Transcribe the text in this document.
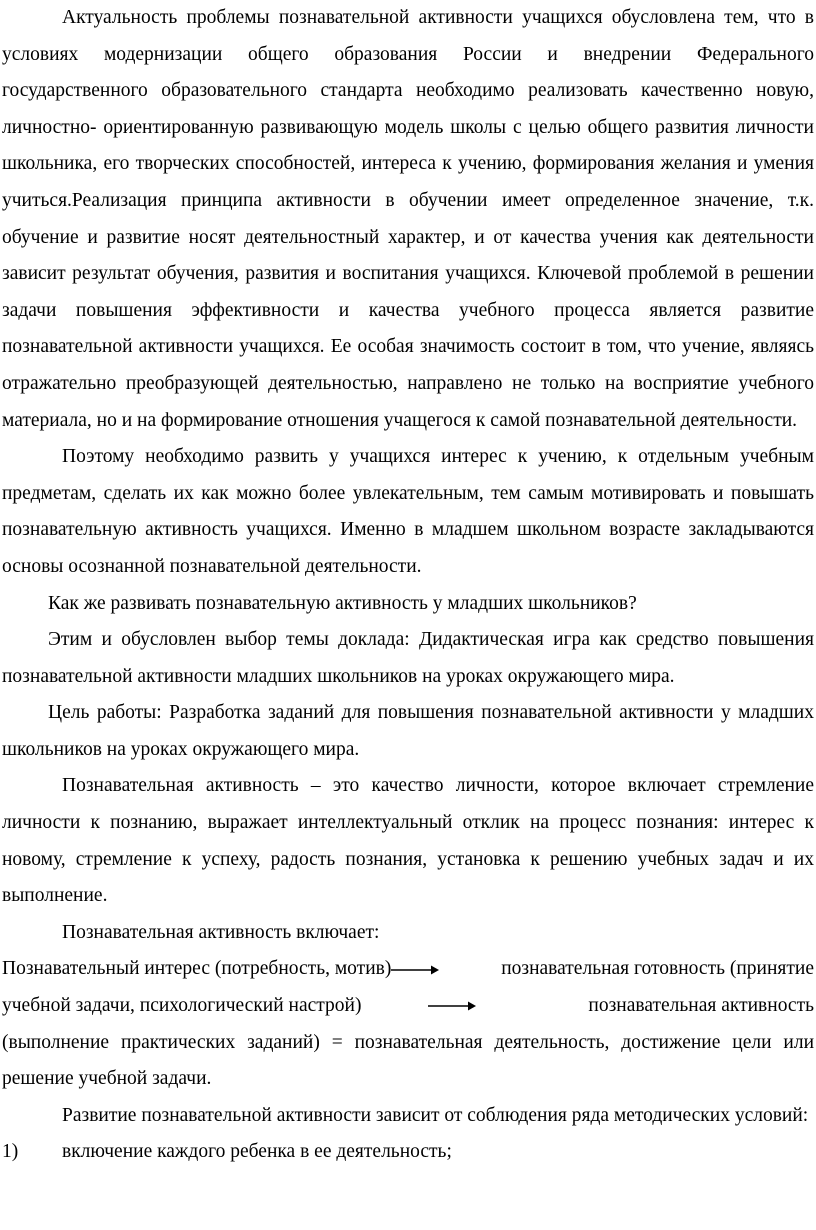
Актуальность проблемы познавательной активности учащихся обусловлена тем, что в условиях модернизации общего образования России и внедрении Федерального государственного образовательного стандарта необходимо реализовать качественно новую, личностно- ориентированную развивающую модель школы с целью общего развития личности школьника, его творческих способностей, интереса к учению, формирования желания и умения учиться.Реализация принципа активности в обучении имеет определенное значение, т.к. обучение и развитие носят деятельностный характер, и от качества учения как деятельности зависит результат обучения, развития и воспитания учащихся. Ключевой проблемой в решении задачи повышения эффективности и качества учебного процесса является развитие познавательной активности учащихся. Ее особая значимость состоит в том, что учение, являясь отражательно преобразующей деятельностью, направлено не только на восприятие учебного материала, но и на формирование отношения учащегося к самой познавательной деятельности.

Поэтому необходимо развить у учащихся интерес к учению, к отдельным учебным предметам, сделать их как можно более увлекательным, тем самым мотивировать и повышать познавательную активность учащихся. Именно в младшем школьном возрасте закладываются основы осознанной познавательной деятельности.

Как же развивать познавательную активность у младших школьников?

Этим и обусловлен выбор темы доклада: Дидактическая игра как средство повышения познавательной активности младших школьников на уроках окружающего мира.

Цель работы: Разработка заданий для повышения познавательной активности у младших школьников на уроках окружающего мира.

Познавательная активность – это качество личности, которое включает стремление личности к познанию, выражает интеллектуальный отклик на процесс познания: интерес к новому, стремление к успеху, радость познания, установка к решению учебных задач и их выполнение.

Познавательная активность включает:

Познавательный интерес (потребность, мотив)	познавательная готовность (принятие
учебной задачи, психологический настрой)	познавательная активность

(выполнение практических заданий) = познавательная деятельность, достижение цели или решение учебной задачи.

Развитие познавательной активности зависит от соблюдения ряда методических условий:

1)	включение каждого ребенка в ее деятельность;
